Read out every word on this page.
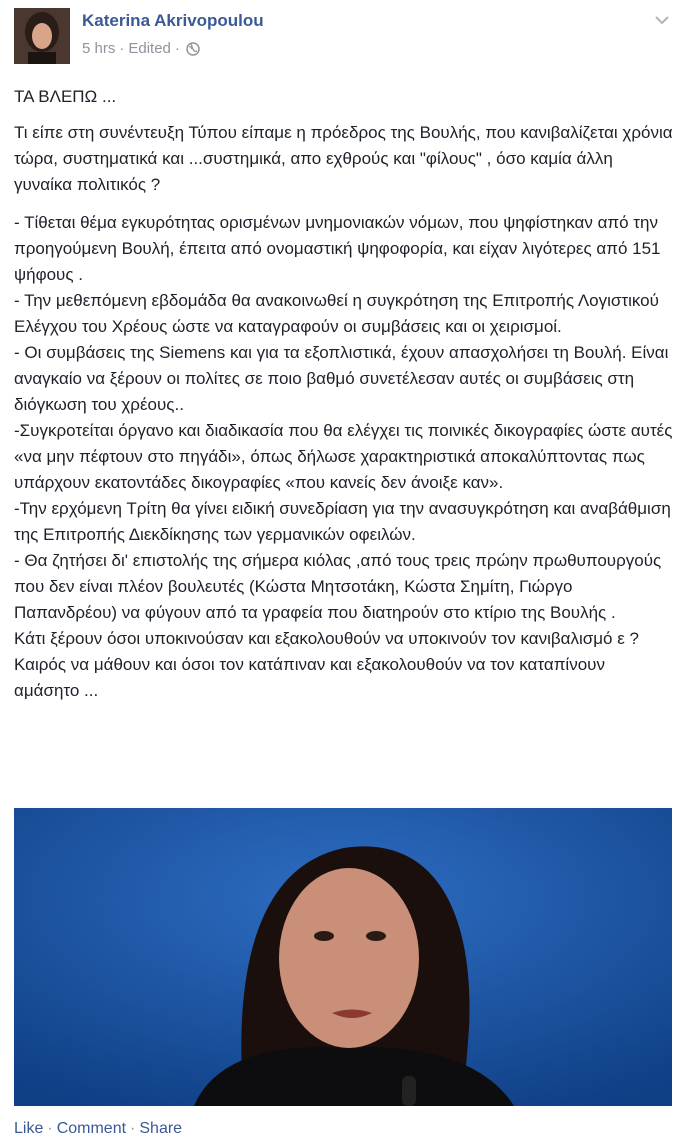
Katerina Akrivopoulou
5 hrs · Edited ·

ΤΑ ΒΛΕΠΩ ...

Τι είπε στη συνέντευξη Τύπου είπαμε η πρόεδρος της Βουλής, που κανιβαλίζεται χρόνια τώρα, συστηματικά και ...συστημικά, απο εχθρούς και "φίλους" , όσο καμία άλλη γυναίκα πολιτικός ?

- Τίθεται θέμα εγκυρότητας ορισμένων μνημονιακών νόμων, που ψηφίστηκαν από την προηγούμενη Βουλή, έπειτα από ονομαστική ψηφοφορία, και είχαν λιγότερες από 151 ψήφους .

- Την μεθεπόμενη εβδομάδα θα ανακοινωθεί η συγκρότηση της Επιτροπής Λογιστικού Ελέγχου του Χρέους ώστε να καταγραφούν οι συμβάσεις και οι χειρισμοί.

- Οι συμβάσεις της Siemens και για τα εξοπλιστικά, έχουν απασχολήσει τη Βουλή. Είναι αναγκαίο να ξέρουν οι πολίτες σε ποιο βαθμό συνετέλεσαν αυτές οι συμβάσεις στη διόγκωση του χρέους..

-Συγκροτείται όργανο και διαδικασία που θα ελέγχει τις ποινικές δικογραφίες ώστε αυτές «να μην πέφτουν στο πηγάδι», όπως δήλωσε χαρακτηριστικά αποκαλύπτοντας πως υπάρχουν εκατοντάδες δικογραφίες «που κανείς δεν άνοιξε καν».

-Την ερχόμενη Τρίτη θα γίνει ειδική συνεδρίαση για την ανασυγκρότηση και αναβάθμιση της Επιτροπής Διεκδίκησης των γερμανικών οφειλών.

- Θα ζητήσει δι' επιστολής της σήμερα κιόλας ,από τους τρεις πρώην πρωθυπουργούς που δεν είναι πλέον βουλευτές (Κώστα Μητσοτάκη, Κώστα Σημίτη, Γιώργο Παπανδρέου) να φύγουν από τα γραφεία που διατηρούν στο κτίριο της Βουλής .

Κάτι ξέρουν όσοι υποκινούσαν και εξακολουθούν να υποκινούν τον κανιβαλισμό ε ? Καιρός να μάθουν και όσοι τον κατάπιναν και εξακολουθούν να τον καταπίνουν αμάσητο ...

Like · Comment · Share
